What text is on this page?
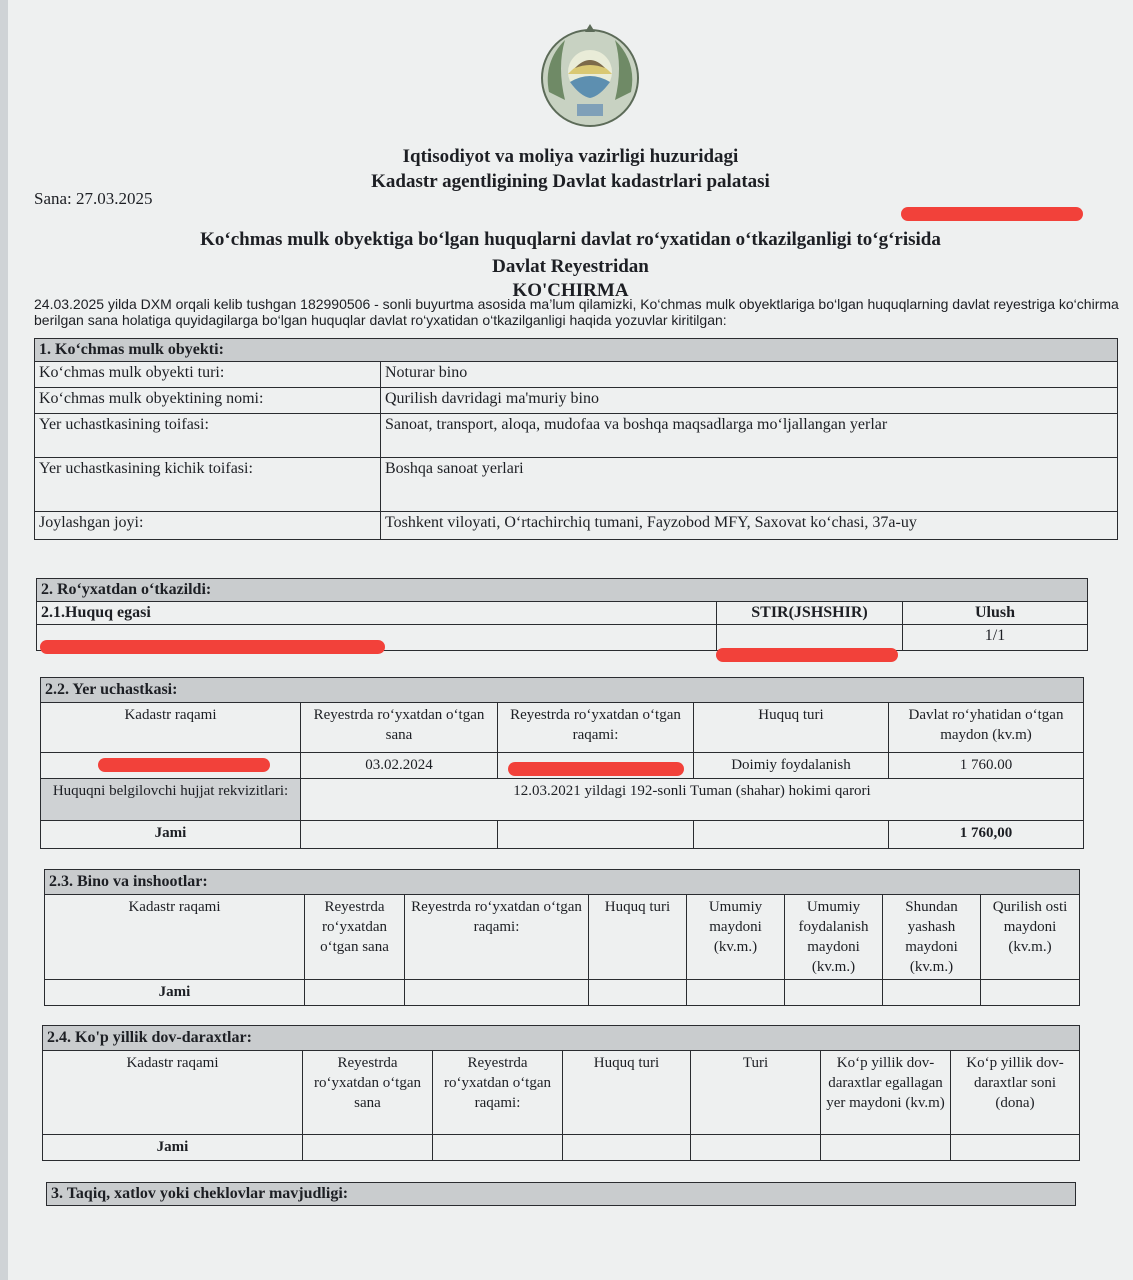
Iqtisodiyot va moliya vazirligi huzuridagi
Kadastr agentligining Davlat kadastrlari palatasi
Sana: 27.03.2025
Ko‘chmas mulk obyektiga bo‘lgan huquqlarni davlat ro‘yxatidan o‘tkazilganligi to‘g‘risida
Davlat Reyestridan
KO'CHIRMA
24.03.2025 yilda DXM orqali kelib tushgan 182990506 - sonli buyurtma asosida ma’lum qilamizki, Ko‘chmas mulk obyektlariga bo‘lgan huquqlarning davlat reyestriga ko‘chirma berilgan sana holatiga quyidagilarga bo‘lgan huquqlar davlat ro‘yxatidan o‘tkazilganligi haqida yozuvlar kiritilgan:
1. Ko‘chmas mulk obyekti:	
Ko‘chmas mulk obyekti turi:	Noturar bino
Ko‘chmas mulk obyektining nomi:	Qurilish davridagi ma'muriy bino
Yer uchastkasining toifasi:	Sanoat, transport, aloqa, mudofaa va boshqa maqsadlarga mo‘ljallangan yerlar
Yer uchastkasining kichik toifasi:	Boshqa sanoat yerlari
Joylashgan joyi:	Toshkent viloyati, O‘rtachirchiq tumani, Fayzobod MFY, Saxovat ko‘chasi, 37a-uy
2. Ro‘yxatdan o‘tkazildi:		
2.1.Huquq egasi	STIR(JSHSHIR)	Ulush
		1/1
2.2. Yer uchastkasi:				
Kadastr raqami	Reyestrda ro‘yxatdan o‘tgan sana	Reyestrda ro‘yxatdan o‘tgan raqami:	Huquq turi	Davlat ro‘yhatidan o‘tgan maydon (kv.m)
	03.02.2024		Doimiy foydalanish	1 760.00
Huquqni belgilovchi hujjat rekvizitlari:	12.03.2021 yildagi 192-sonli Tuman (shahar) hokimi qarori			
Jami				1 760,00
2.3. Bino va inshootlar:							
Kadastr raqami	Reyestrda ro‘yxatdan o‘tgan sana	Reyestrda ro‘yxatdan o‘tgan raqami:	Huquq turi	Umumiy maydoni (kv.m.)	Umumiy foydalanish maydoni (kv.m.)	Shundan yashash maydoni (kv.m.)	Qurilish osti maydoni (kv.m.)
Jami							
2.4. Ko'p yillik dov-daraxtlar:						
Kadastr raqami	Reyestrda ro‘yxatdan o‘tgan sana	Reyestrda ro‘yxatdan o‘tgan raqami:	Huquq turi	Turi	Ko‘p yillik dov-daraxtlar egallagan yer maydoni (kv.m)	Ko‘p yillik dov-daraxtlar soni (dona)
Jami						
3. Taqiq, xatlov yoki cheklovlar mavjudligi:
